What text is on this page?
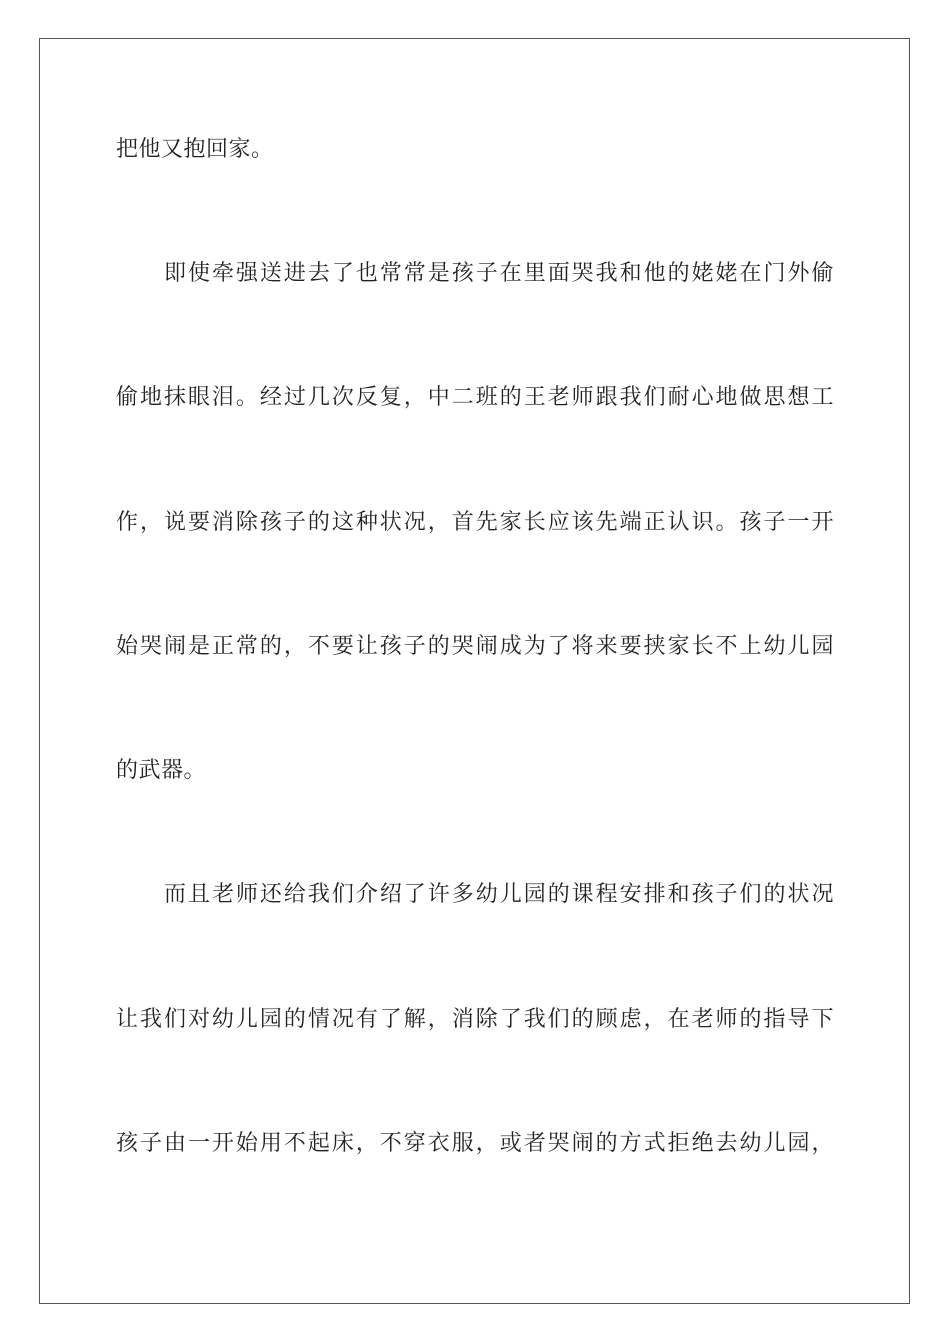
把他又抱回家。
即使牵强送进去了也常常是孩子在里面哭我和他的姥姥在门外偷
偷地抹眼泪。经过几次反复，中二班的王老师跟我们耐心地做思想工
作，说要消除孩子的这种状况，首先家长应该先端正认识。孩子一开
始哭闹是正常的，不要让孩子的哭闹成为了将来要挟家长不上幼儿园
的武器。
而且老师还给我们介绍了许多幼儿园的课程安排和孩子们的状况
让我们对幼儿园的情况有了解，消除了我们的顾虑，在老师的指导下
孩子由一开始用不起床，不穿衣服，或者哭闹的方式拒绝去幼儿园，
